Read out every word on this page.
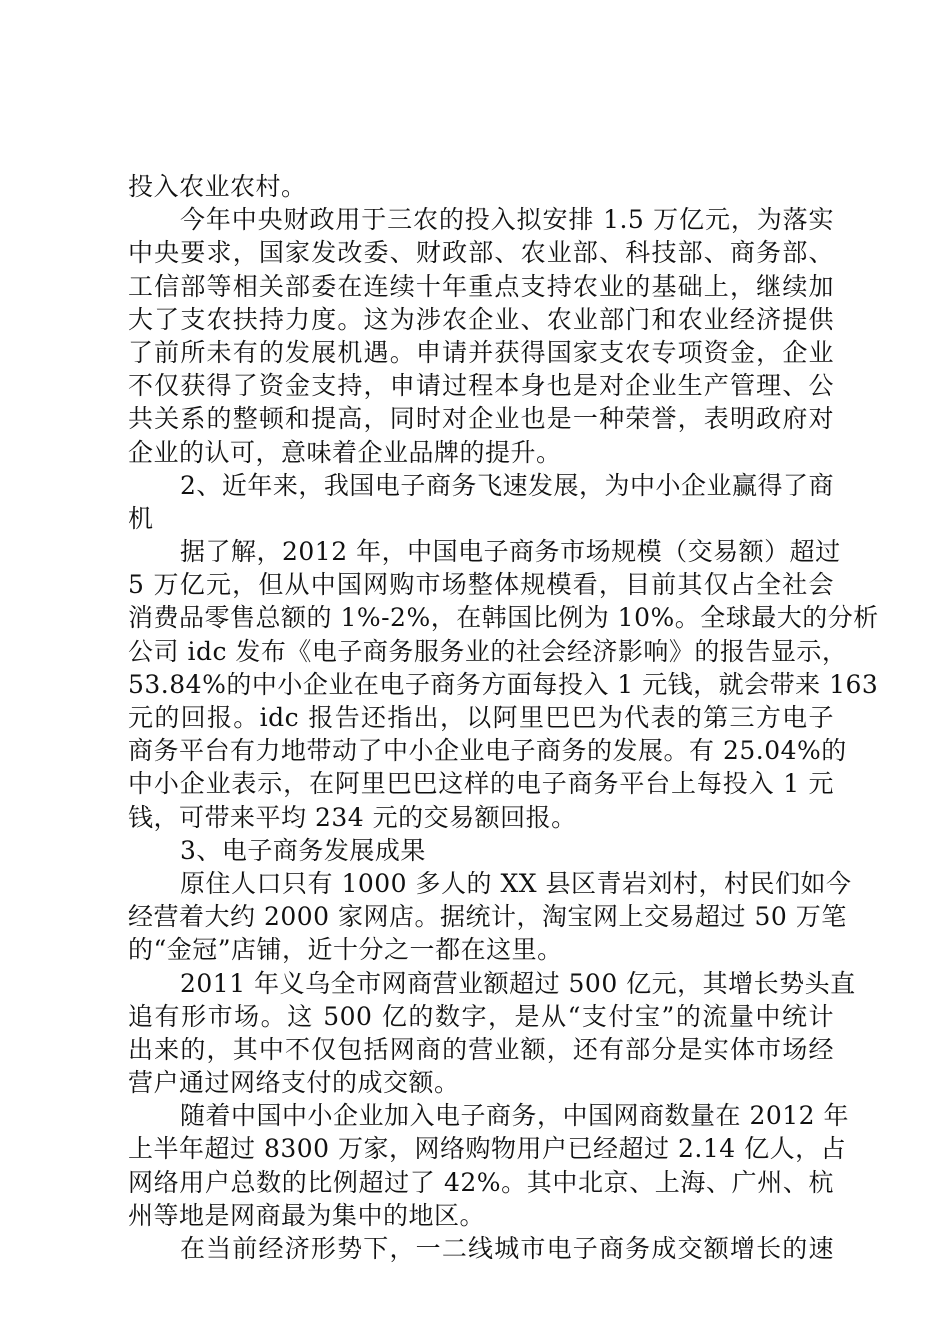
投入农业农村。
今年中央财政用于三农的投入拟安排 1.5 万亿元，为落实
中央要求，国家发改委、财政部、农业部、科技部、商务部、
工信部等相关部委在连续十年重点支持农业的基础上，继续加
大了支农扶持力度。这为涉农企业、农业部门和农业经济提供
了前所未有的发展机遇。申请并获得国家支农专项资金，企业
不仅获得了资金支持，申请过程本身也是对企业生产管理、公
共关系的整顿和提高，同时对企业也是一种荣誉，表明政府对
企业的认可，意味着企业品牌的提升。
2、近年来，我国电子商务飞速发展，为中小企业赢得了商
机
据了解，2012 年，中国电子商务市场规模（交易额）超过
5 万亿元，但从中国网购市场整体规模看，目前其仅占全社会
消费品零售总额的 1%-2%，在韩国比例为 10%。全球最大的分析
公司 idc 发布《电子商务服务业的社会经济影响》的报告显示，
53.84%的中小企业在电子商务方面每投入 1 元钱，就会带来 163
元的回报。idc 报告还指出，以阿里巴巴为代表的第三方电子
商务平台有力地带动了中小企业电子商务的发展。有 25.04%的
中小企业表示，在阿里巴巴这样的电子商务平台上每投入 1 元
钱，可带来平均 234 元的交易额回报。
3、电子商务发展成果
原住人口只有 1000 多人的 XX 县区青岩刘村，村民们如今
经营着大约 2000 家网店。据统计，淘宝网上交易超过 50 万笔
的“金冠”店铺，近十分之一都在这里。
2011 年义乌全市网商营业额超过 500 亿元，其增长势头直
追有形市场。这 500 亿的数字，是从“支付宝”的流量中统计
出来的，其中不仅包括网商的营业额，还有部分是实体市场经
营户通过网络支付的成交额。
随着中国中小企业加入电子商务，中国网商数量在 2012 年
上半年超过 8300 万家，网络购物用户已经超过 2.14 亿人，占
网络用户总数的比例超过了 42%。其中北京、上海、广州、杭
州等地是网商最为集中的地区。
在当前经济形势下，一二线城市电子商务成交额增长的速
